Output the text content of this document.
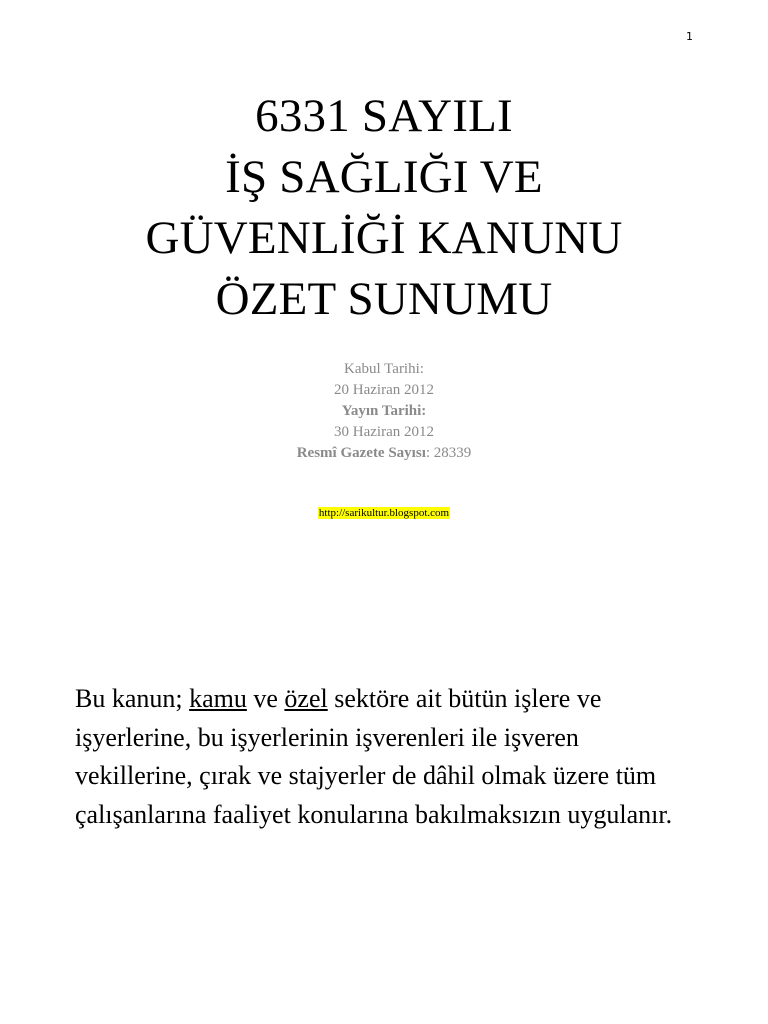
1
6331 SAYILI
İŞ SAĞLIĞI VE
GÜVENLİĞİ KANUNU
ÖZET SUNUMU
Kabul Tarihi:
20 Haziran 2012
Yayın Tarihi:
30 Haziran 2012
Resmî Gazete Sayısı: 28339
http://sarikultur.blogspot.com

Bu kanun; kamu ve özel sektöre ait bütün işlere ve işyerlerine, bu işyerlerinin işverenleri ile işveren vekillerine, çırak ve stajyerler de dâhil olmak üzere tüm çalışanlarına faaliyet konularına bakılmaksızın uygulanır.
